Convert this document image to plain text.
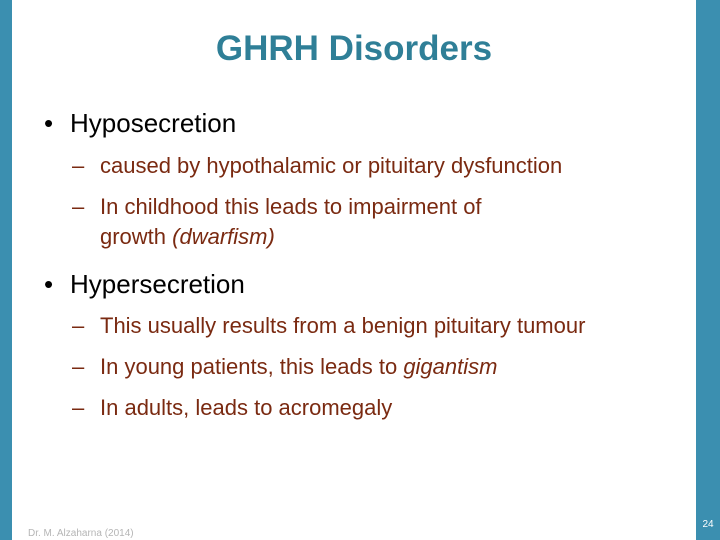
GHRH Disorders
• Hyposecretion
– caused by hypothalamic or pituitary dysfunction
– In childhood this leads to impairment of
growth (dwarfism)
• Hypersecretion
– This usually results from a benign pituitary tumour
– In young patients, this leads to gigantism
– In adults, leads to acromegaly
Dr. M. Alzaharna (2014)
24
